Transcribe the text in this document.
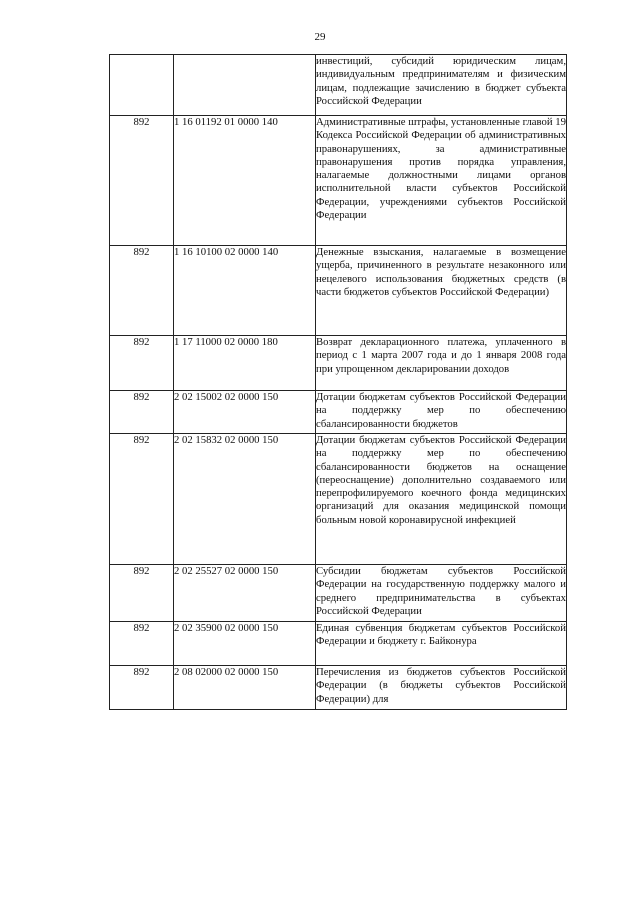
29
		инвестиций, субсидий юридическим лицам, индивидуальным предпринимателям и физическим лицам, подлежащие зачислению в бюджет субъекта Российской Федерации
892	1 16 01192 01 0000 140	Административные штрафы, установленные главой 19 Кодекса Российской Федерации об административных правонарушениях, за административные правонарушения против порядка управления, налагаемые должностными лицами органов исполнительной власти субъектов Российской Федерации, учреждениями субъектов Российской Федерации
892	1 16 10100 02 0000 140	Денежные взыскания, налагаемые в возмещение ущерба, причиненного в результате незаконного или нецелевого использования бюджетных средств (в части бюджетов субъектов Российской Федерации)
892	1 17 11000 02 0000 180	Возврат декларационного платежа, уплаченного в период с 1 марта 2007 года и до 1 января 2008 года при упрощенном декларировании доходов
892	2 02 15002 02 0000 150	Дотации бюджетам субъектов Российской Федерации на поддержку мер по обеспечению сбалансированности бюджетов
892	2 02 15832 02 0000 150	Дотации бюджетам субъектов Российской Федерации на поддержку мер по обеспечению сбалансированности бюджетов на оснащение (переоснащение) дополнительно создаваемого или перепрофилируемого коечного фонда медицинских организаций для оказания медицинской помощи больным новой коронавирусной инфекцией
892	2 02 25527 02 0000 150	Субсидии бюджетам субъектов Российской Федерации на государственную поддержку малого и среднего предпринимательства в субъектах Российской Федерации
892	2 02 35900 02 0000 150	Единая субвенция бюджетам субъектов Российской Федерации и бюджету г. Байконура
892	2 08 02000 02 0000 150	Перечисления из бюджетов субъектов Российской Федерации (в бюджеты субъектов Российской Федерации) для
